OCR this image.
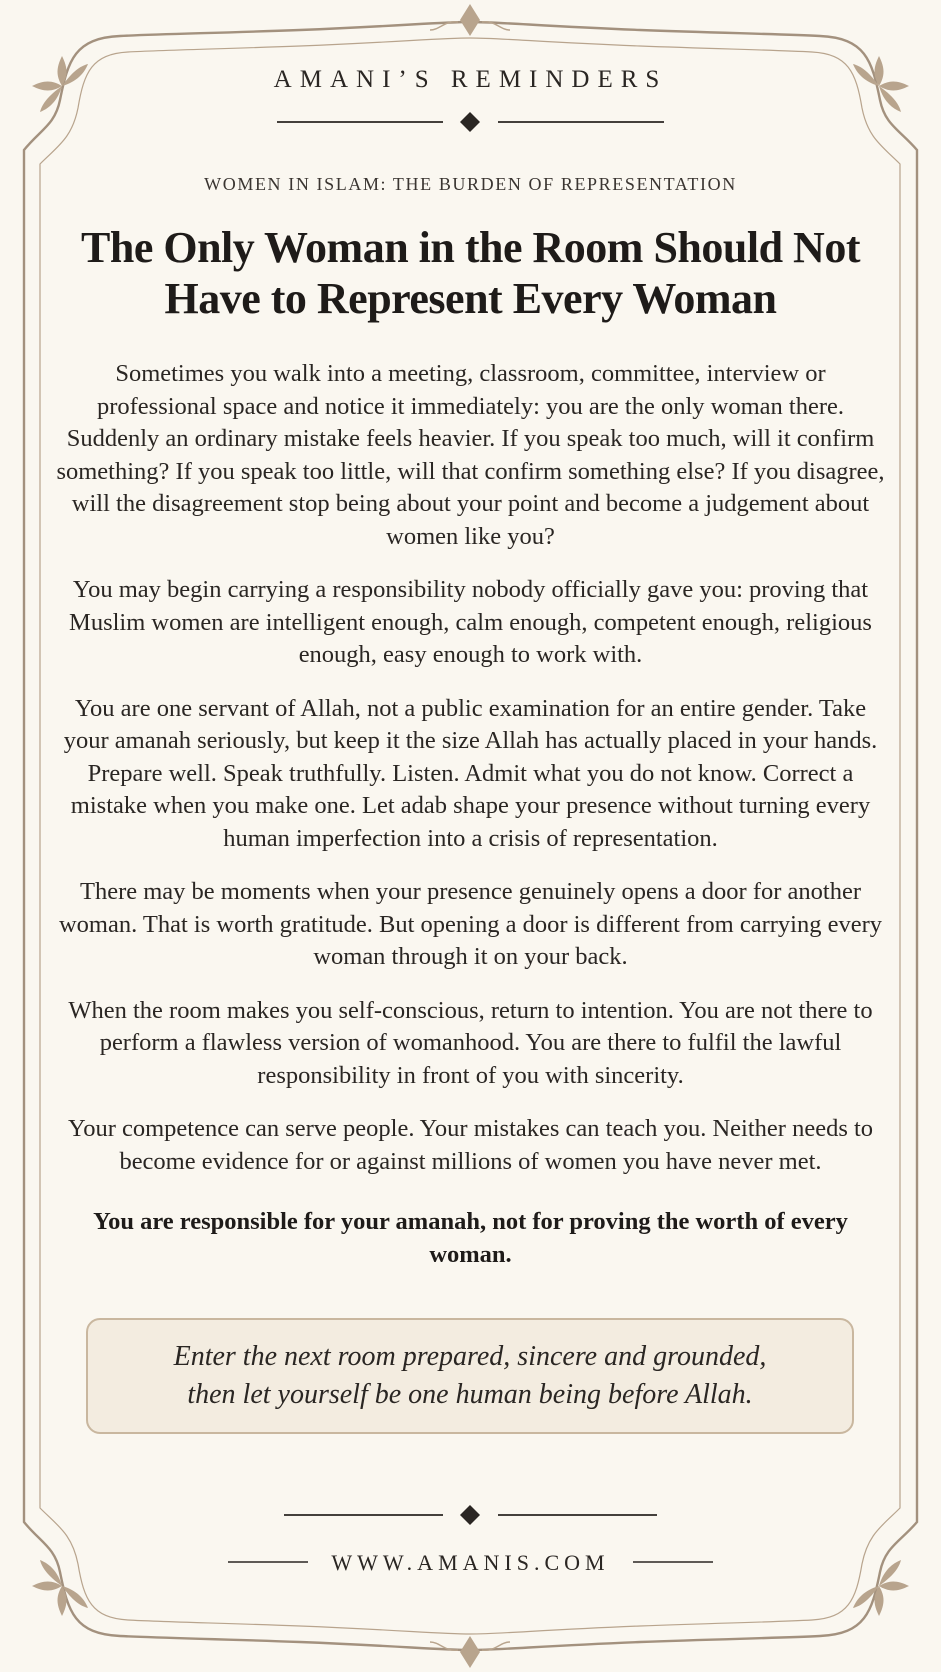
AMANI’S REMINDERS
WOMEN IN ISLAM: THE BURDEN OF REPRESENTATION
The Only Woman in the Room Should Not
Have to Represent Every Woman

Sometimes you walk into a meeting, classroom, committee, interview or professional space and notice it immediately: you are the only woman there. Suddenly an ordinary mistake feels heavier. If you speak too much, will it confirm something? If you speak too little, will that confirm something else? If you disagree, will the disagreement stop being about your point and become a judgement about women like you?

You may begin carrying a responsibility nobody officially gave you: proving that Muslim women are intelligent enough, calm enough, competent enough, religious enough, easy enough to work with.

You are one servant of Allah, not a public examination for an entire gender. Take your amanah seriously, but keep it the size Allah has actually placed in your hands. Prepare well. Speak truthfully. Listen. Admit what you do not know. Correct a mistake when you make one. Let adab shape your presence without turning every human imperfection into a crisis of representation.

There may be moments when your presence genuinely opens a door for another woman. That is worth gratitude. But opening a door is different from carrying every woman through it on your back.

When the room makes you self-conscious, return to intention. You are not there to perform a flawless version of womanhood. You are there to fulfil the lawful responsibility in front of you with sincerity.

Your competence can serve people. Your mistakes can teach you. Neither needs to become evidence for or against millions of women you have never met.

You are responsible for your amanah, not for proving the worth of every woman.

Enter the next room prepared, sincere and grounded,
then let yourself be one human being before Allah.
WWW.AMANIS.COM
